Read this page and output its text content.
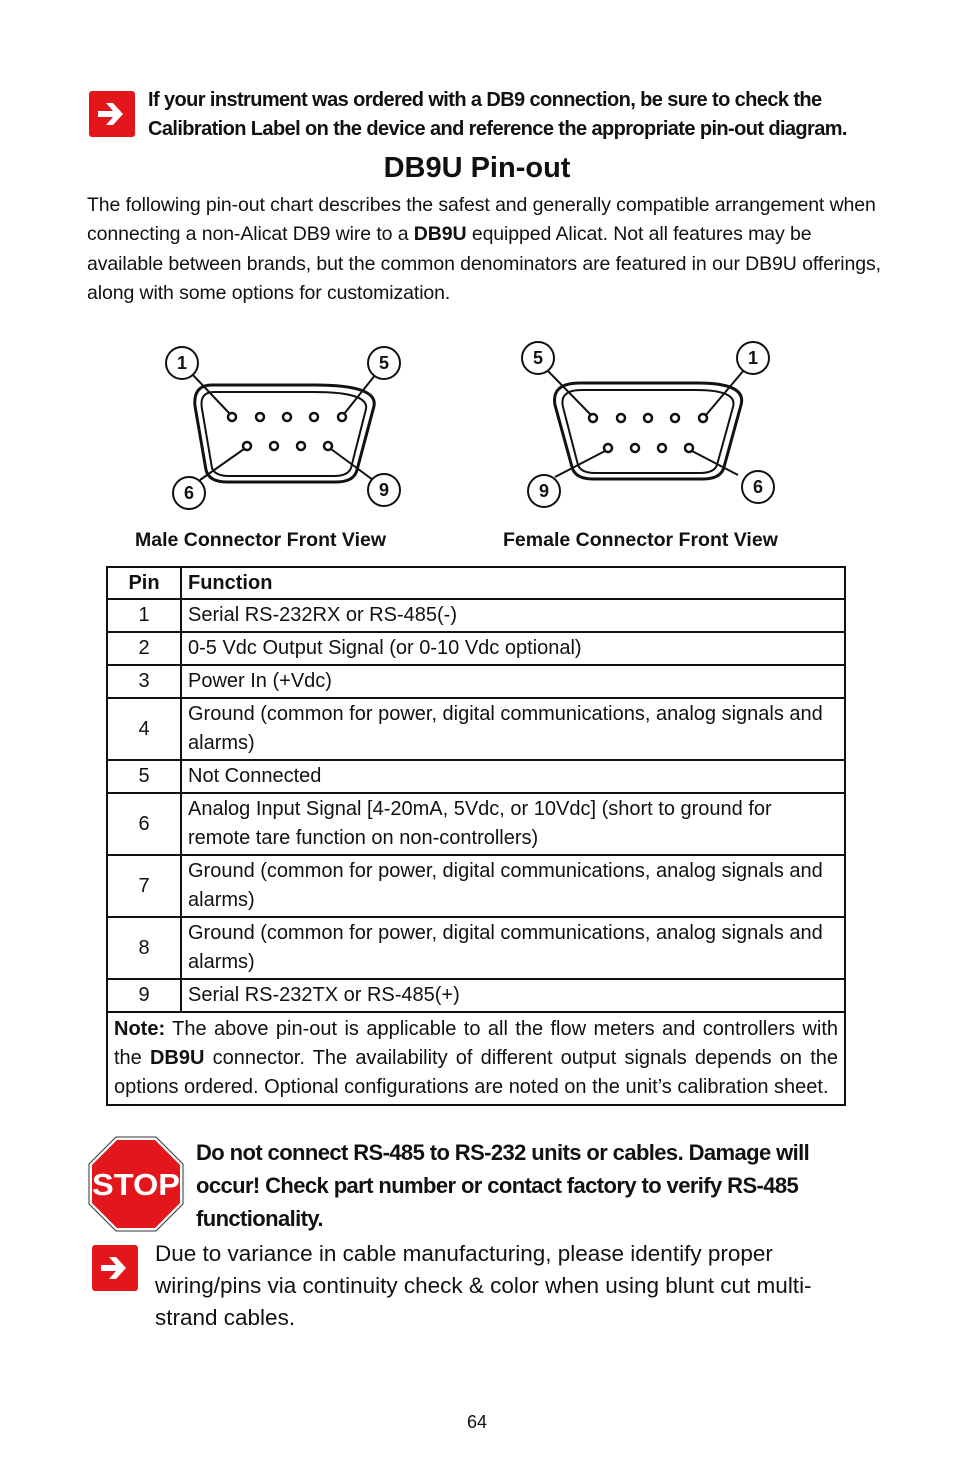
If your instrument was ordered with a DB9 connection, be sure to check the Calibration Label on the device and reference the appropriate pin-out diagram.
DB9U Pin-out
The following pin-out chart describes the safest and generally compatible arrangement when connecting a non-Alicat DB9 wire to a DB9U equipped Alicat. Not all features may be available between brands, but the common denominators are featured in our DB9U offerings, along with some options for customization.
1	5
6	9
Male Connector Front View
5	1
9	6
Female Connector Front View
Pin	Function
1	Serial RS-232RX or RS-485(-)
2	0-5 Vdc Output Signal (or 0-10 Vdc optional)
3	Power In (+Vdc)
4	Ground (common for power, digital communications, analog signals and alarms)
5	Not Connected
6	Analog Input Signal [4-20mA, 5Vdc, or 10Vdc] (short to ground for remote tare function on non-controllers)
7	Ground (common for power, digital communications, analog signals and alarms)
8	Ground (common for power, digital communications, analog signals and alarms)
9	Serial RS-232TX or RS-485(+)
Note: The above pin-out is applicable to all the flow meters and controllers with the DB9U connector. The availability of different output signals depends on the options ordered. Optional configurations are noted on the unit’s calibration sheet.	
STOP
Do not connect RS-485 to RS-232 units or cables. Damage will occur! Check part number or contact factory to verify RS-485 functionality.
Due to variance in cable manufacturing, please identify proper wiring/pins via continuity check & color when using blunt cut multi-strand cables.
64
